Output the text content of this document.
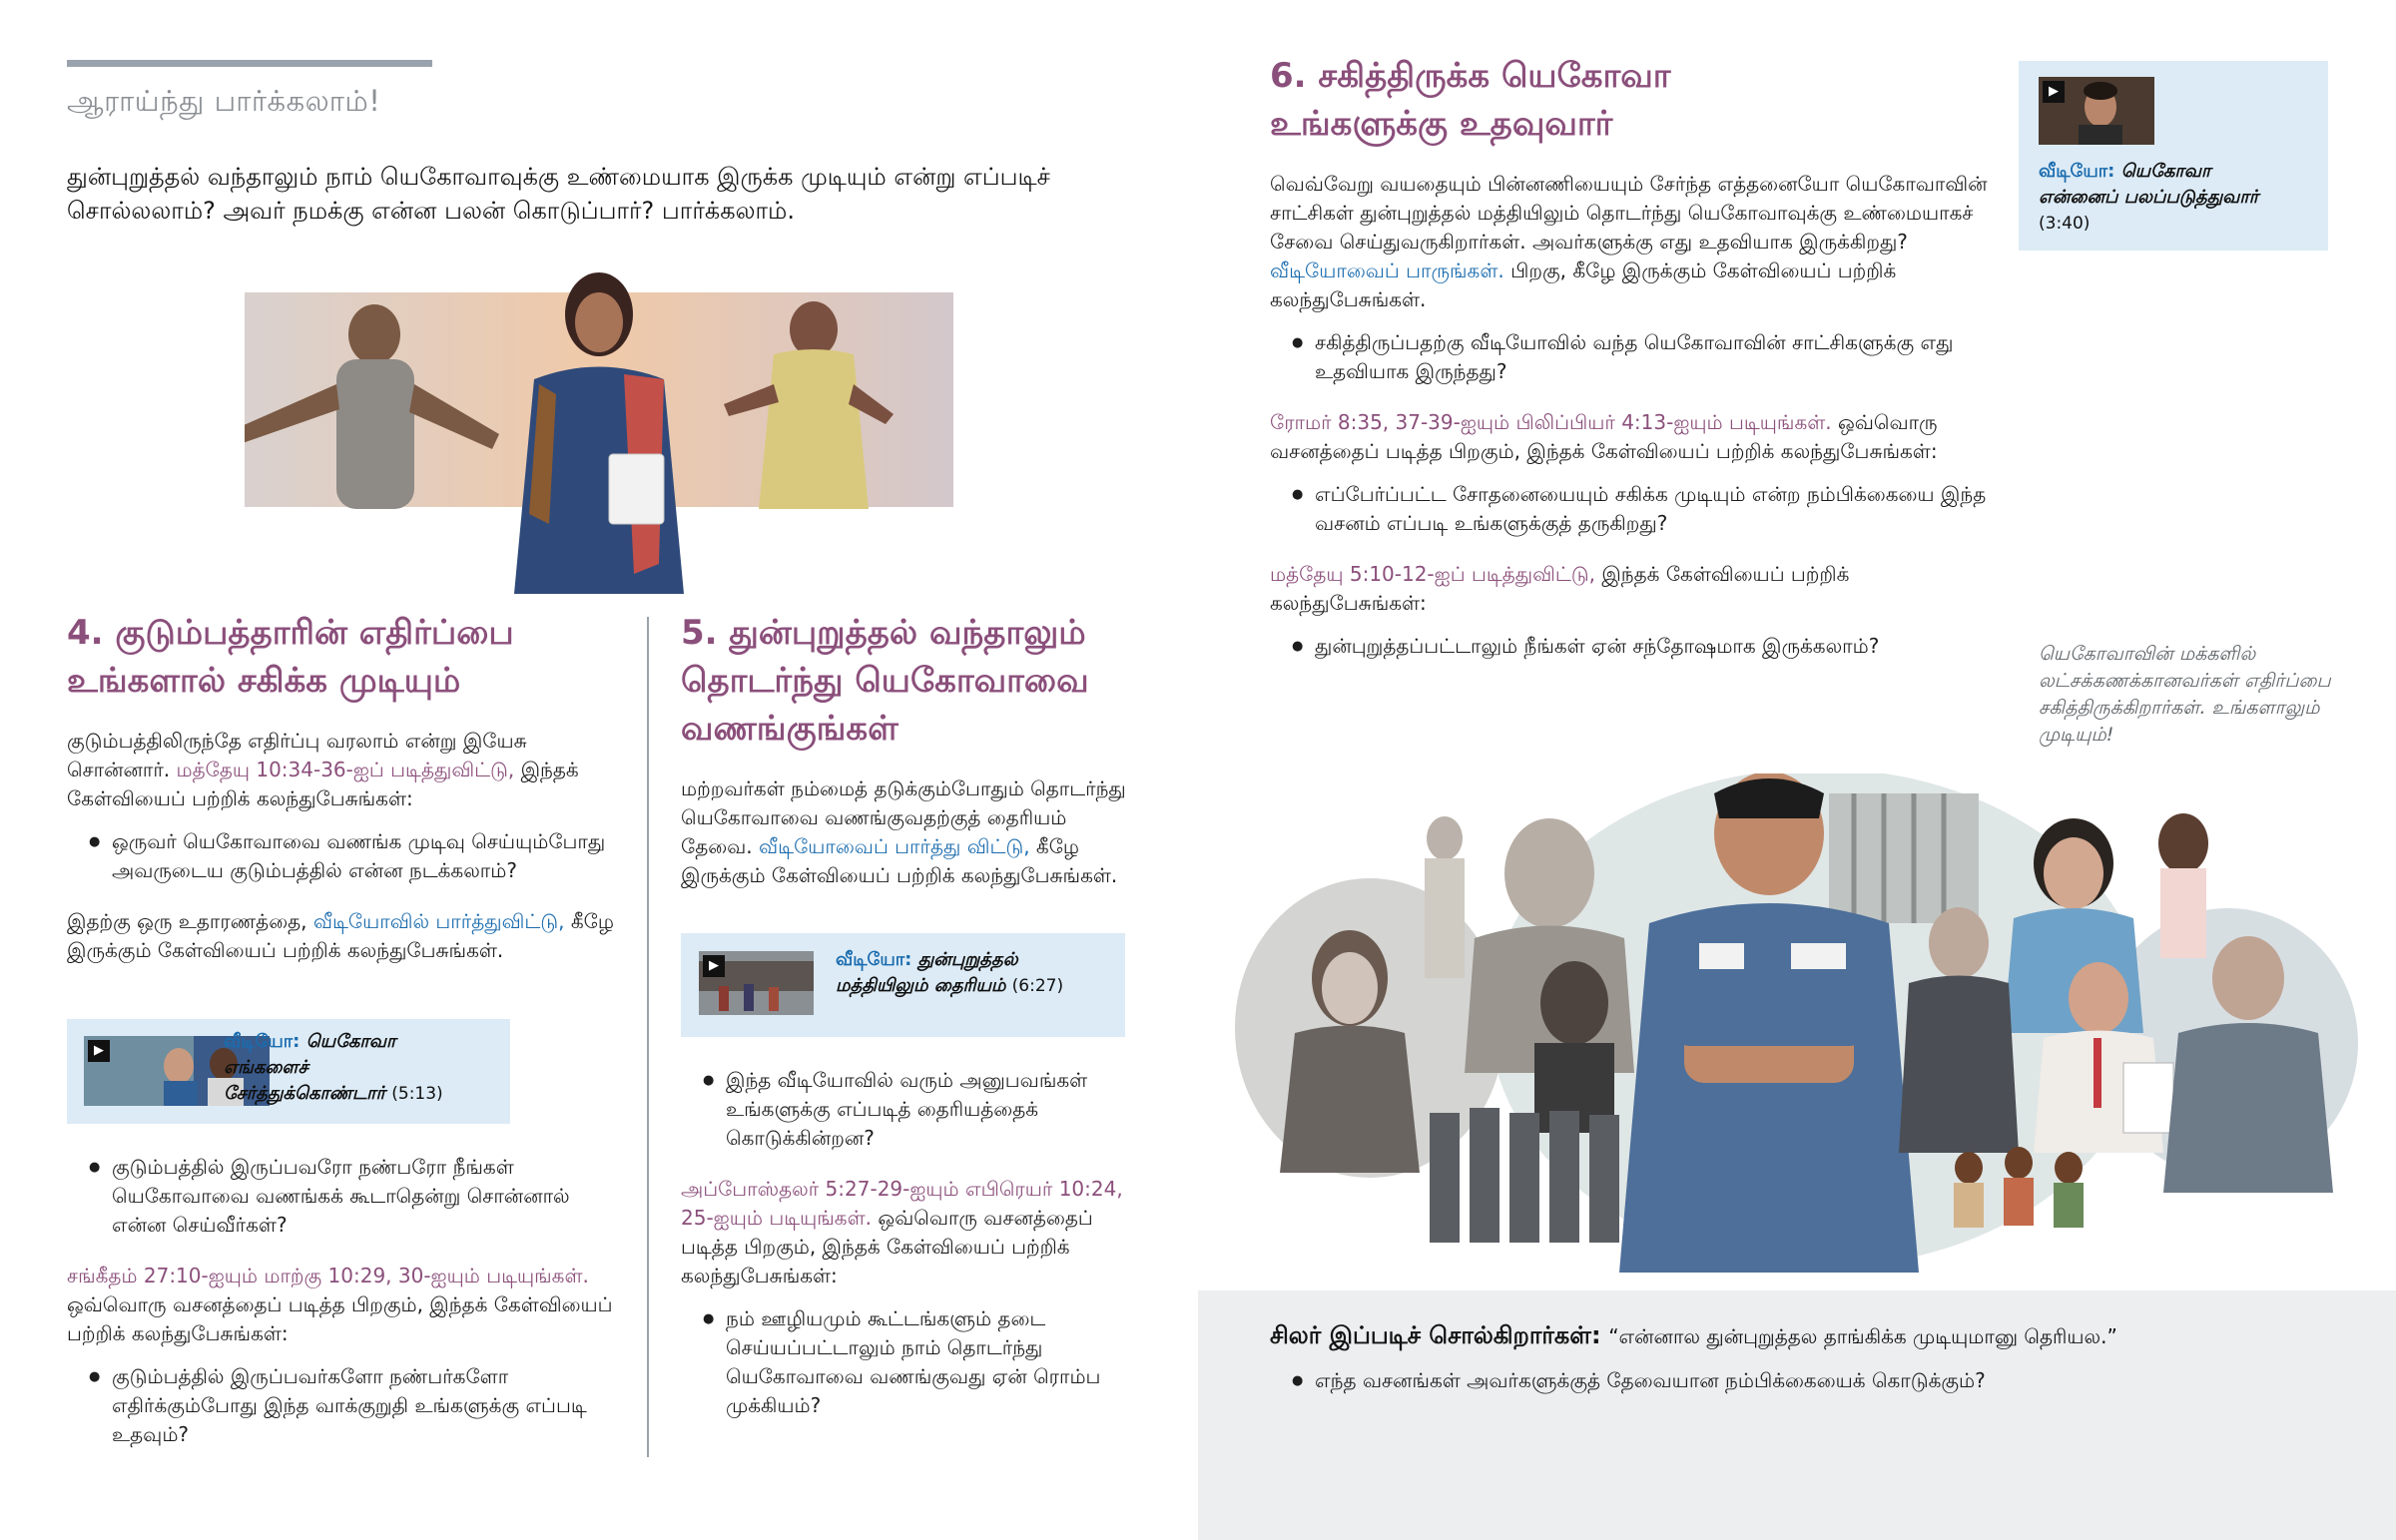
ஆராய்ந்து பார்க்கலாம்!
துன்புறுத்தல் வந்தாலும் நாம் யெகோவாவுக்கு உண்மையாக இருக்க முடியும் என்று எப்படிச் சொல்லலாம்? அவர் நமக்கு என்ன பலன் கொடுப்பார்? பார்க்கலாம்.
4. குடும்பத்தாரின் எதிர்ப்பை
உங்களால் சகிக்க முடியும்
குடும்பத்திலிருந்தே எதிர்ப்பு வரலாம் என்று இயேசு சொன்னார். மத்தேயு 10:34-36-ஐப் படித்துவிட்டு, இந்தக் கேள்வியைப் பற்றிக் கலந்துபேசுங்கள்:
● ஒருவர் யெகோவாவை வணங்க முடிவு செய்யும்போது அவருடைய குடும்பத்தில் என்ன நடக்கலாம்?
இதற்கு ஒரு உதாரணத்தை, வீடியோவில் பார்த்துவிட்டு, கீழே இருக்கும் கேள்வியைப் பற்றிக் கலந்துபேசுங்கள்.
▶	வீடியோ: யெகோவா
எங்களைச்
சேர்த்துக்கொண்டார் (5:13)
● குடும்பத்தில் இருப்பவரோ நண்பரோ நீங்கள் யெகோவாவை வணங்கக் கூடாதென்று சொன்னால் என்ன செய்வீர்கள்?
சங்கீதம் 27:10-ஐயும் மாற்கு 10:29, 30-ஐயும் படியுங்கள். ஒவ்வொரு வசனத்தைப் படித்த பிறகும், இந்தக் கேள்வியைப் பற்றிக் கலந்துபேசுங்கள்:
● குடும்பத்தில் இருப்பவர்களோ நண்பர்களோ எதிர்க்கும்போது இந்த வாக்குறுதி உங்களுக்கு எப்படி உதவும்?
5. துன்புறுத்தல் வந்தாலும்
தொடர்ந்து யெகோவாவை
வணங்குங்கள்
மற்றவர்கள் நம்மைத் தடுக்கும்போதும் தொடர்ந்து யெகோவாவை வணங்குவதற்குத் தைரியம் தேவை. வீடியோவைப் பார்த்து விட்டு, கீழே இருக்கும் கேள்வியைப் பற்றிக் கலந்துபேசுங்கள்.
▶	வீடியோ: துன்புறுத்தல்
மத்தியிலும் தைரியம் (6:27)
● இந்த வீடியோவில் வரும் அனுபவங்கள் உங்களுக்கு எப்படித் தைரியத்தைக் கொடுக்கின்றன?
அப்போஸ்தலர் 5:27-29-ஐயும் எபிரெயர் 10:24, 25-ஐயும் படியுங்கள். ஒவ்வொரு வசனத்தைப் படித்த பிறகும், இந்தக் கேள்வியைப் பற்றிக் கலந்துபேசுங்கள்:
● நம் ஊழியமும் கூட்டங்களும் தடை செய்யப்பட்டாலும் நாம் தொடர்ந்து யெகோவாவை வணங்குவது ஏன் ரொம்ப முக்கியம்?
6. சகித்திருக்க யெகோவா
உங்களுக்கு உதவுவார்
வெவ்வேறு வயதையும் பின்னணியையும் சேர்ந்த எத்தனையோ யெகோவாவின் சாட்சிகள் துன்புறுத்தல் மத்தியிலும் தொடர்ந்து யெகோவாவுக்கு உண்மையாகச் சேவை செய்துவருகிறார்கள். அவர்களுக்கு எது உதவியாக இருக்கிறது? வீடியோவைப் பாருங்கள். பிறகு, கீழே இருக்கும் கேள்வியைப் பற்றிக் கலந்துபேசுங்கள்.
● சகித்திருப்பதற்கு வீடியோவில் வந்த யெகோவாவின் சாட்சிகளுக்கு எது உதவியாக இருந்தது?
ரோமர் 8:35, 37-39-ஐயும் பிலிப்பியர் 4:13-ஐயும் படியுங்கள். ஒவ்வொரு வசனத்தைப் படித்த பிறகும், இந்தக் கேள்வியைப் பற்றிக் கலந்துபேசுங்கள்:
● எப்பேர்ப்பட்ட சோதனையையும் சகிக்க முடியும் என்ற நம்பிக்கையை இந்த வசனம் எப்படி உங்களுக்குத் தருகிறது?
மத்தேயு 5:10-12-ஐப் படித்துவிட்டு, இந்தக் கேள்வியைப் பற்றிக் கலந்துபேசுங்கள்:
● துன்புறுத்தப்பட்டாலும் நீங்கள் ஏன் சந்தோஷமாக இருக்கலாம்?
▶
வீடியோ: யெகோவா
என்னைப் பலப்படுத்துவார்
(3:40)
யெகோவாவின் மக்களில் லட்சக்கணக்கானவர்கள் எதிர்ப்பை சகித்திருக்கிறார்கள். உங்களாலும் முடியும்!
சிலர் இப்படிச் சொல்கிறார்கள்: “என்னால துன்புறுத்தல தாங்கிக்க முடியுமானு தெரியல.”
● எந்த வசனங்கள் அவர்களுக்குத் தேவையான நம்பிக்கையைக் கொடுக்கும்?
